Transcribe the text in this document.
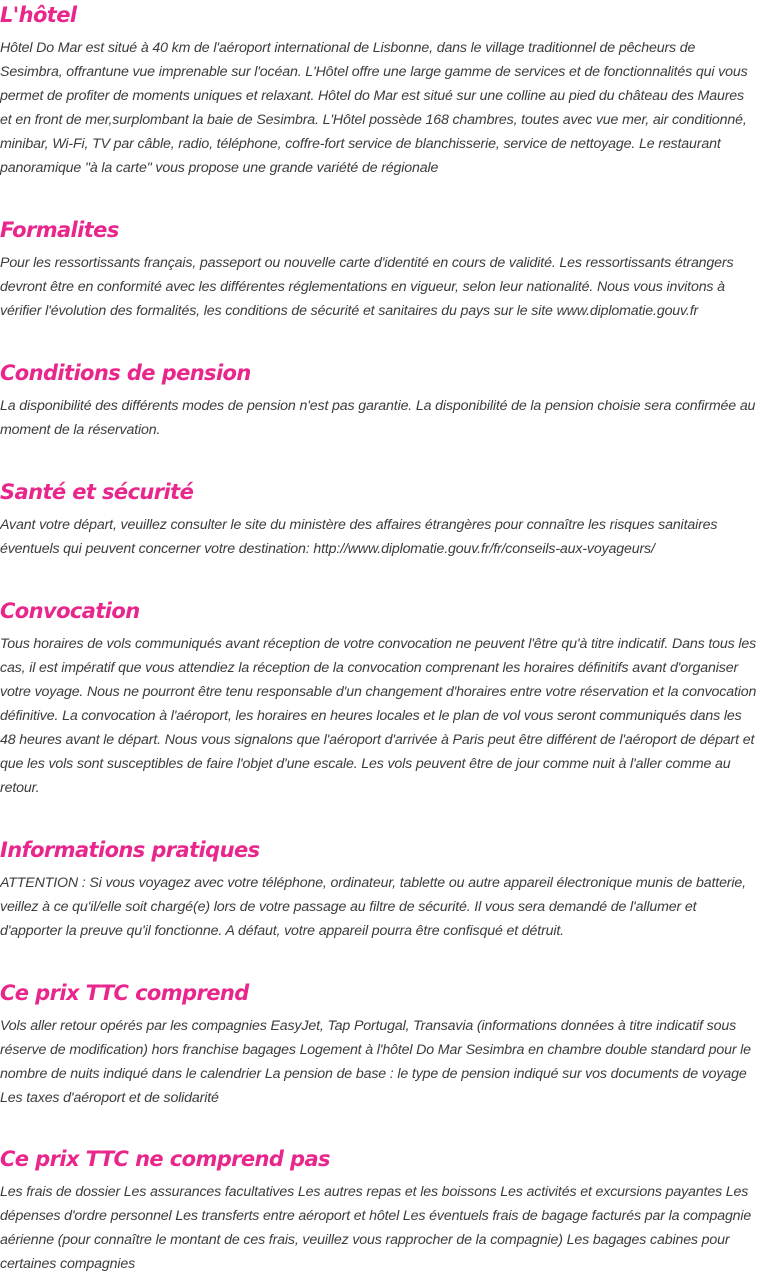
L'hôtel

Hôtel Do Mar est situé à 40 km de l'aéroport international de Lisbonne, dans le village traditionnel de pêcheurs de Sesimbra, offrantune vue imprenable sur l'océan. L'Hôtel offre une large gamme de services et de fonctionnalités qui vous permet de profiter de moments uniques et relaxant. Hôtel do Mar est situé sur une colline au pied du château des Maures et en front de mer,surplombant la baie de Sesimbra. L'Hôtel possède 168 chambres, toutes avec vue mer, air conditionné, minibar, Wi-Fi, TV par câble, radio, téléphone, coffre-fort service de blanchisserie, service de nettoyage. Le restaurant panoramique "à la carte" vous propose une grande variété de régionale

Formalites

Pour les ressortissants français, passeport ou nouvelle carte d'identité en cours de validité. Les ressortissants étrangers devront être en conformité avec les différentes réglementations en vigueur, selon leur nationalité. Nous vous invitons à vérifier l'évolution des formalités, les conditions de sécurité et sanitaires du pays sur le site www.diplomatie.gouv.fr

Conditions de pension

La disponibilité des différents modes de pension n'est pas garantie. La disponibilité de la pension choisie sera confirmée au moment de la réservation.

Santé et sécurité

Avant votre départ, veuillez consulter le site du ministère des affaires étrangères pour connaître les risques sanitaires éventuels qui peuvent concerner votre destination: http://www.diplomatie.gouv.fr/fr/conseils-aux-voyageurs/

Convocation

Tous horaires de vols communiqués avant réception de votre convocation ne peuvent l'être qu'à titre indicatif. Dans tous les cas, il est impératif que vous attendiez la réception de la convocation comprenant les horaires définitifs avant d'organiser votre voyage. Nous ne pourront être tenu responsable d'un changement d'horaires entre votre réservation et la convocation définitive. La convocation à l'aéroport, les horaires en heures locales et le plan de vol vous seront communiqués dans les 48 heures avant le départ. Nous vous signalons que l'aéroport d'arrivée à Paris peut être différent de l'aéroport de départ et que les vols sont susceptibles de faire l'objet d'une escale. Les vols peuvent être de jour comme nuit à l'aller comme au retour.

Informations pratiques

ATTENTION : Si vous voyagez avec votre téléphone, ordinateur, tablette ou autre appareil électronique munis de batterie, veillez à ce qu'il/elle soit chargé(e) lors de votre passage au filtre de sécurité. Il vous sera demandé de l'allumer et d'apporter la preuve qu'il fonctionne. A défaut, votre appareil pourra être confisqué et détruit.

Ce prix TTC comprend

Vols aller retour opérés par les compagnies EasyJet, Tap Portugal, Transavia (informations données à titre indicatif sous réserve de modification) hors franchise bagages Logement à l'hôtel Do Mar Sesimbra en chambre double standard pour le nombre de nuits indiqué dans le calendrier La pension de base : le type de pension indiqué sur vos documents de voyage Les taxes d'aéroport et de solidarité

Ce prix TTC ne comprend pas

Les frais de dossier Les assurances facultatives Les autres repas et les boissons Les activités et excursions payantes Les dépenses d'ordre personnel Les transferts entre aéroport et hôtel Les éventuels frais de bagage facturés par la compagnie aérienne (pour connaître le montant de ces frais, veuillez vous rapprocher de la compagnie) Les bagages cabines pour certaines compagnies
